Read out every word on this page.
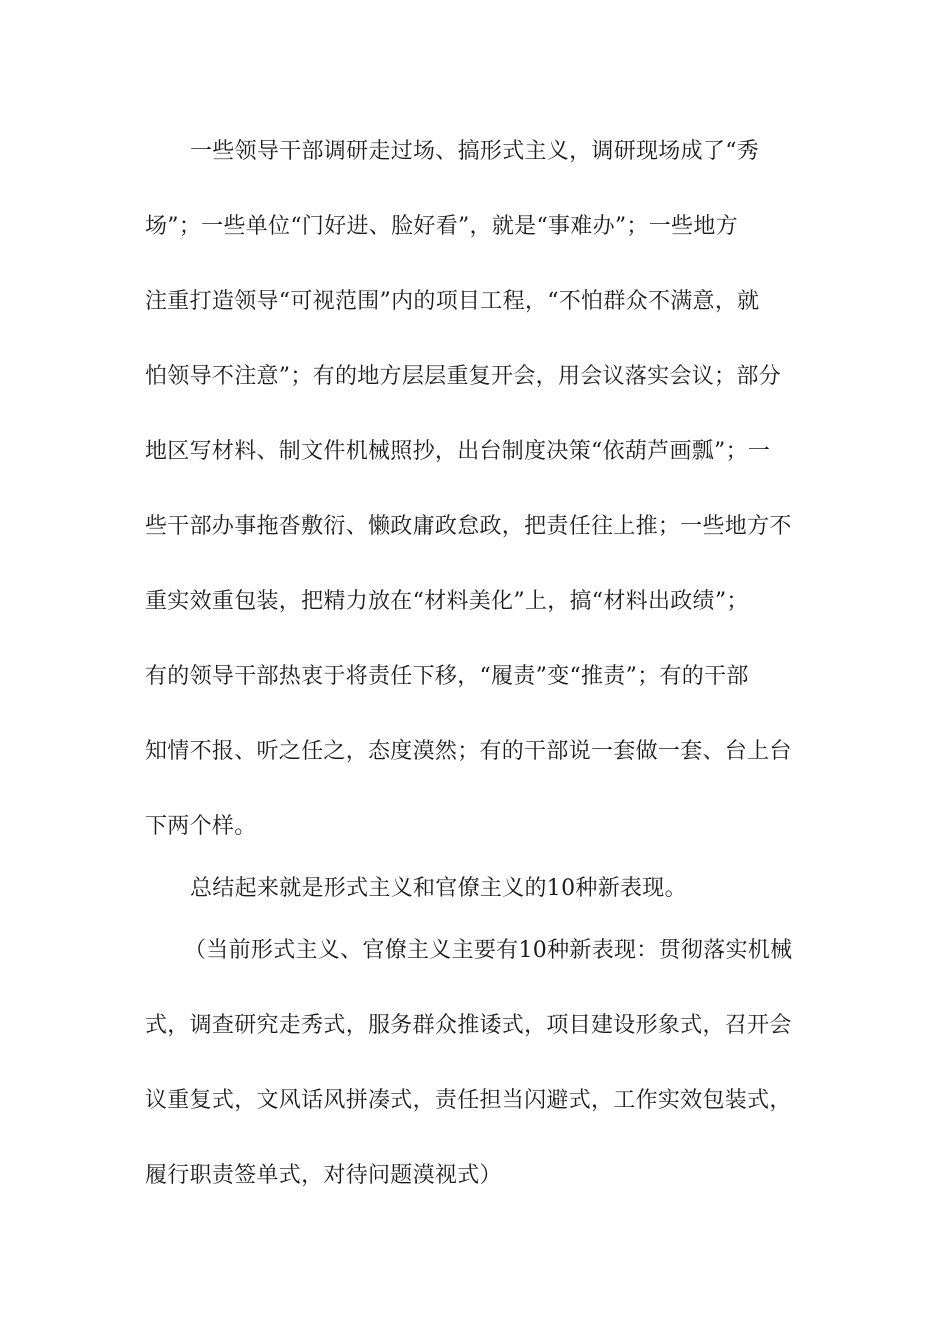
一些领导干部调研走过场、搞形式主义，调研现场成了“秀
场”；一些单位“门好进、脸好看”，就是“事难办”；一些地方
注重打造领导“可视范围”内的项目工程，“不怕群众不满意，就
怕领导不注意”；有的地方层层重复开会，用会议落实会议；部分
地区写材料、制文件机械照抄，出台制度决策“依葫芦画瓢”；一
些干部办事拖沓敷衍、懒政庸政怠政，把责任往上推；一些地方不
重实效重包装，把精力放在“材料美化”上，搞“材料出政绩”；
有的领导干部热衷于将责任下移，“履责”变“推责”；有的干部
知情不报、听之任之，态度漠然；有的干部说一套做一套、台上台
下两个样。
总结起来就是形式主义和官僚主义的10种新表现。
（当前形式主义、官僚主义主要有10种新表现：贯彻落实机械
式，调查研究走秀式，服务群众推诿式，项目建设形象式，召开会
议重复式，文风话风拼凑式，责任担当闪避式，工作实效包装式，
履行职责签单式，对待问题漠视式）
